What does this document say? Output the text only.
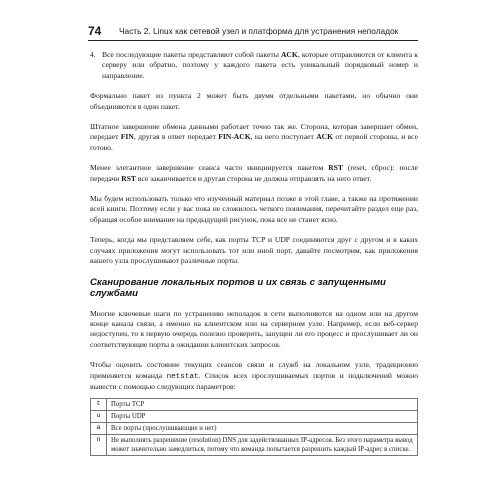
74 Часть 2. Linux как сетевой узел и платформа для устранения неполадок

4. Все последующие пакеты представляют собой пакеты ACK, которые отправляются от клиента к серверу или обратно, поэтому у каждого пакета есть уникальный порядковый номер и направление.

Формально пакет из пункта 2 может быть двумя отдельными пакетами, но обычно они объединяются в один пакет.

Штатное завершение обмена данными работает точно так же. Сторона, которая завершает обмен, передает FIN, другая в ответ передает FIN-ACK, на него поступает ACK от первой стороны, и все готово.

Менее элегантное завершение сеанса часто инициируется пакетом RST (reset, сброс): после передачи RST все заканчивается и другая сторона не должна отправлять на него ответ.

Мы будем использовать только что изученный материал позже в этой главе, а также на протяжении всей книги. Поэтому если у вас пока не сложилось четкого понимания, перечитайте раздел еще раз, обращая особое внимание на предыдущий рисунок, пока все не станет ясно.

Теперь, когда мы представляем себе, как порты TCP и UDP соединяются друг с другом и в каких случаях приложения могут использовать тот или иной порт, давайте посмотрим, как приложения вашего узла прослушивают различные порты.

Сканирование локальных портов и их связь с запущенными службами

Многие ключевые шаги по устранению неполадок в сети выполняются на одном или на другом конце канала связи, а именно на клиентском или на серверном узле. Например, если веб-сервер недоступен, то в первую очередь полезно проверить, запущен ли его процесс и прослушивает ли он соответствующие порты в ожидании клиентских запросов.

Чтобы оценить состояние текущих сеансов связи и служб на локальном узле, традиционно применяется команда netstat. Список всех прослушиваемых портов и подключений можно вывести с помощью следующих параметров:

t	Порты TCP
u	Порты UDP
a	Все порты (прослушивающие и нет)
n	Не выполнять разрешение (resolution) DNS для задействованных IP-адресов. Без этого параметра вывод может значительно замедлиться, потому что команда попытается разрешить каждый IP-адрес в списке.
